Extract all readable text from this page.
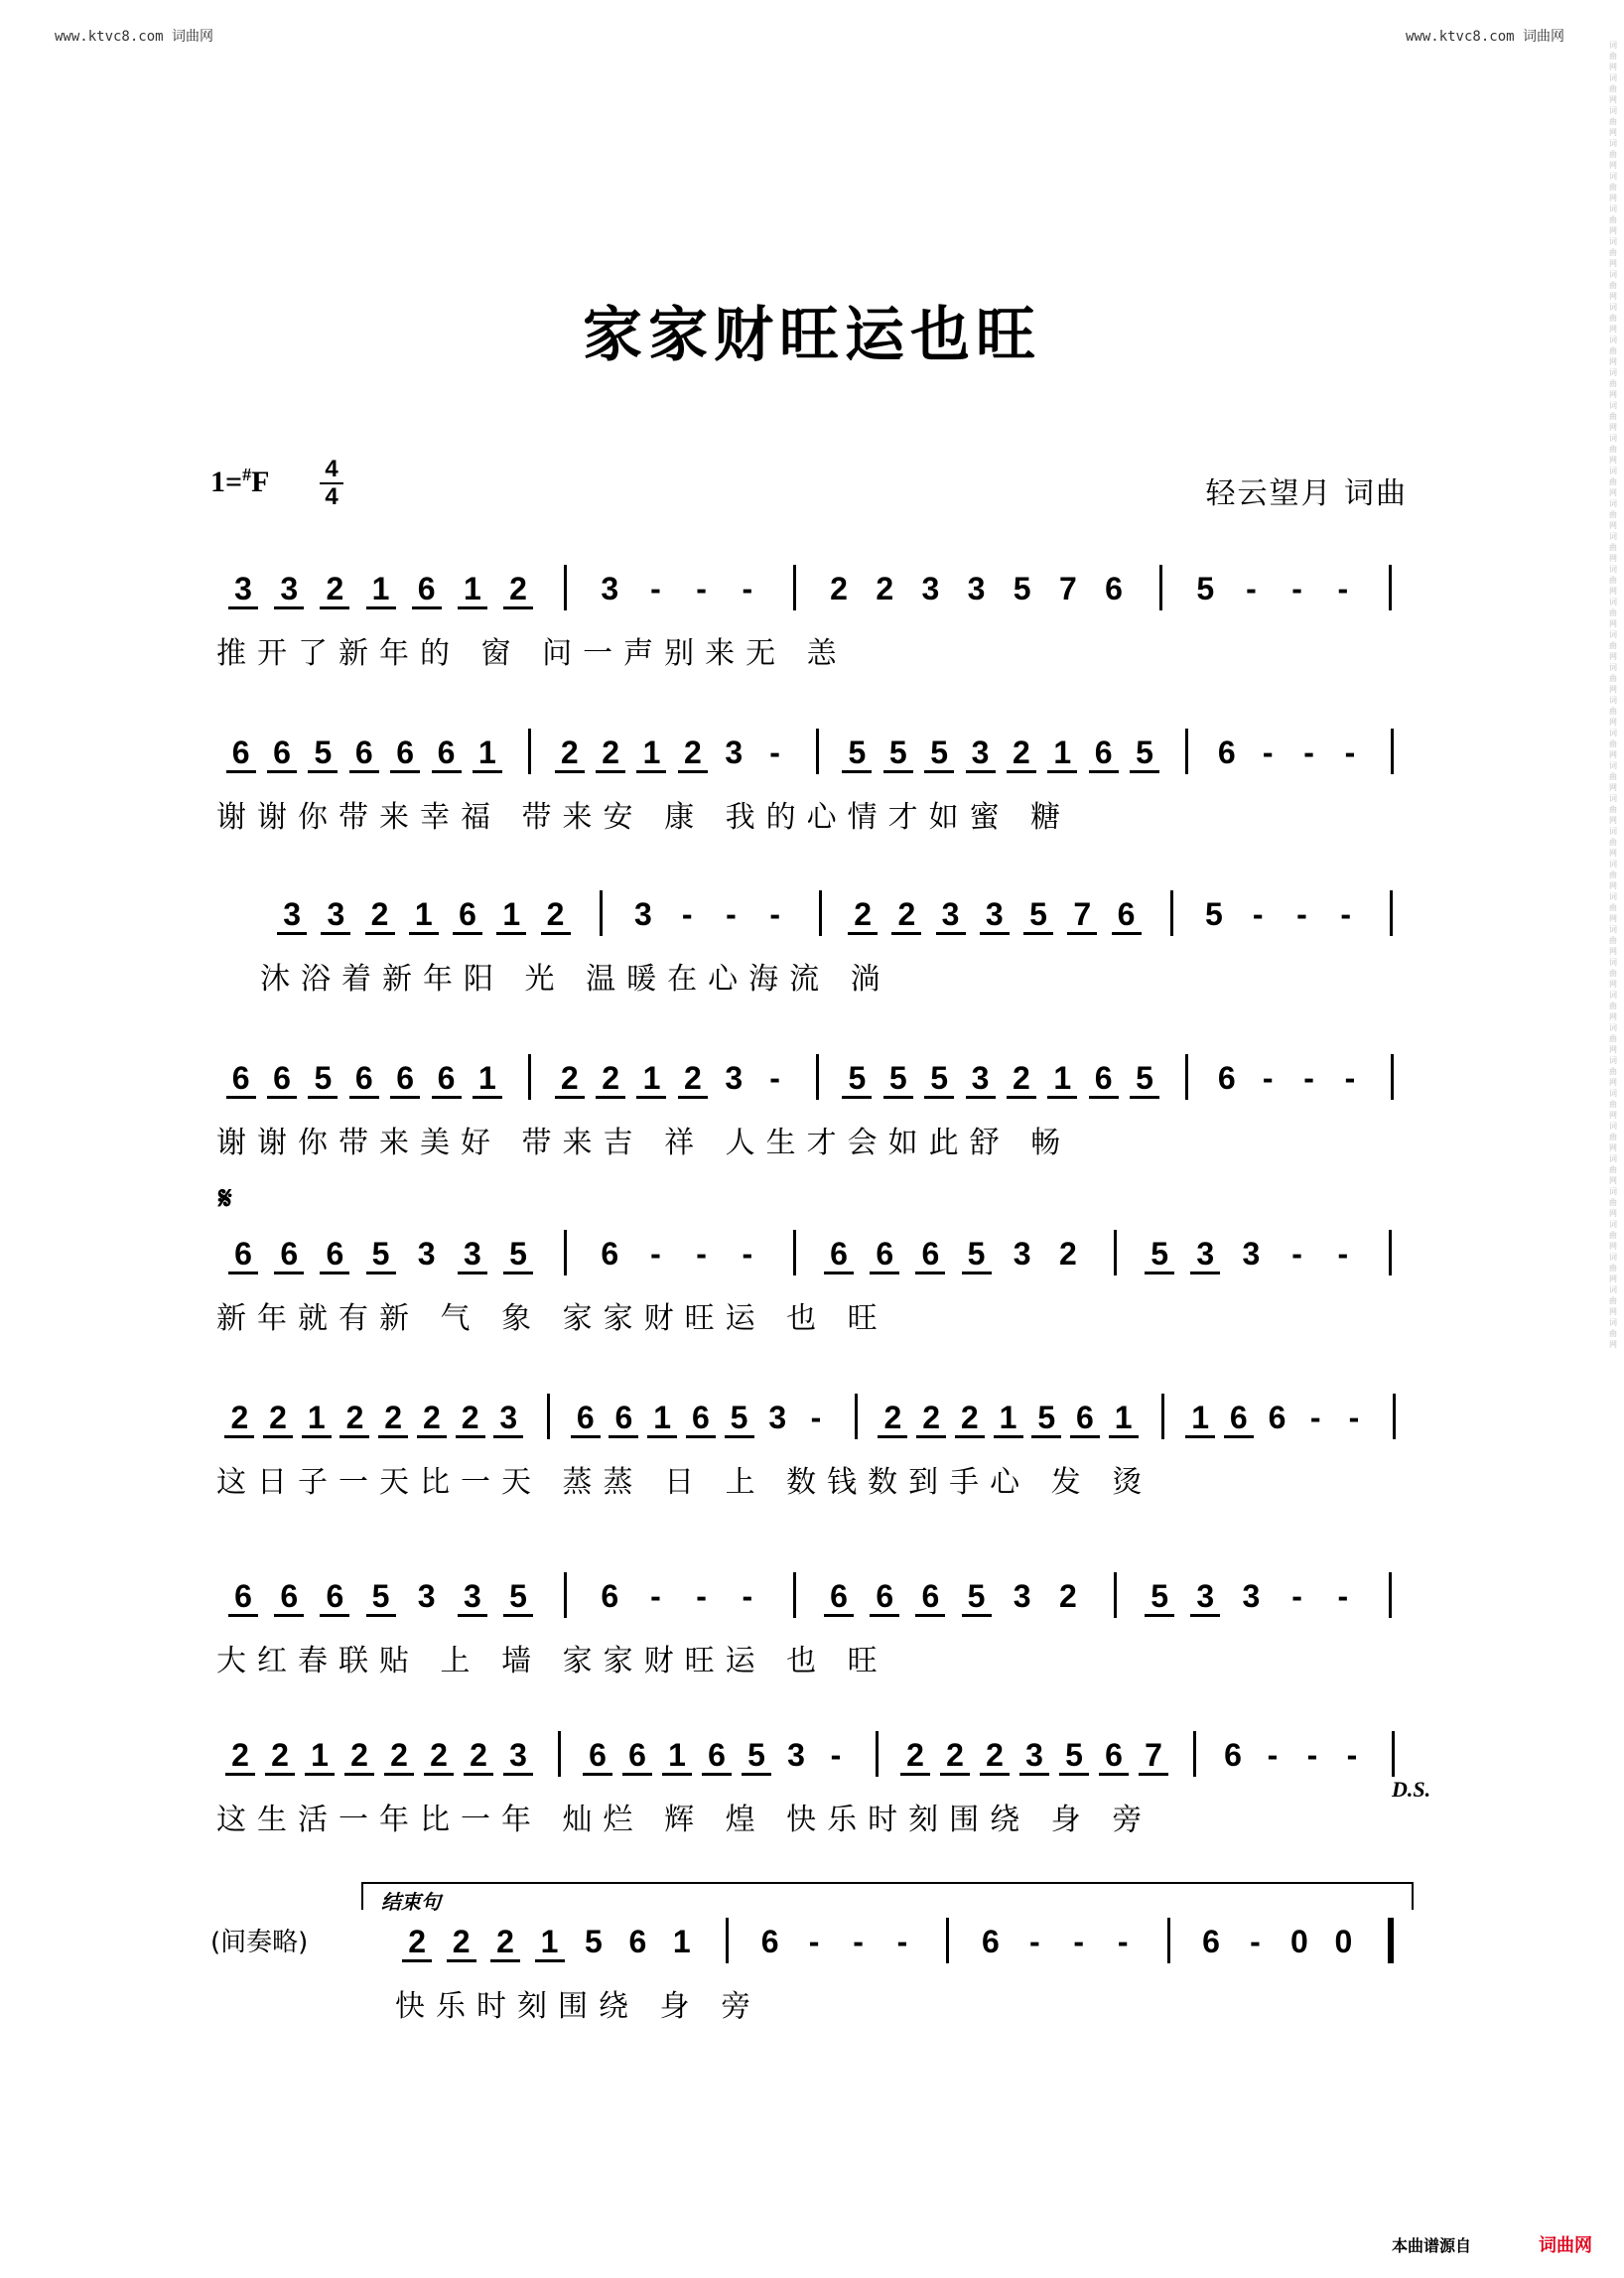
www.ktvc8.com 词曲网	www.ktvc8.com 词曲网
词曲网词曲网词曲网词曲网词曲网词曲网词曲网词曲网词曲网词曲网词曲网词曲网词曲网词曲网词曲网词曲网词曲网词曲网词曲网词曲网词曲网词曲网词曲网词曲网词曲网词曲网词曲网词曲网词曲网词曲网词曲网词曲网词曲网词曲网词曲网词曲网词曲网词曲网词曲网词曲网
家家财旺运也旺
$1=^{\#}F \frac{4}{4}$	轻云望月 词曲
3 3 2 1 6 1 2 3 -	-	-	2 2 3 3 5 7 6 5 -	-	-
推开了新年的 窗 问一声别来无 恙
6 6 5 6 6 6 1 2 2 1 2 3 -	5 5 5 3 2 1 6 5 6 - - -
谢谢你带来幸福 带来安 康 我的心情才如蜜 糖
3 3 2 1 6 1 2 3 -	-	-	2 2 3 3 5 7 6 5 -	-	-
沐浴着新年阳 光 温暖在心海流 淌
6 6 5 6 6 6 1 2 2 1 2 3 -	5 5 5 3 2 1 6 5 6 - - -
谢谢你带来美好 带来吉 祥 人生才会如此舒 畅
6 6 6 5 3 3 5 6 -	-	-	6 6 6 5 3 2 5 3 3 -	-
新年就有新 气 象 家家财旺运 也 旺
2 2 1 2 2 2 2 3 6 6 1 6 5 3 -	2 2 2 1 5 6 1 1 6 6 - -
这日子一天比一天 蒸蒸 日 上 数钱数到手心 发 烫
6 6 6 5 3 3 5 6 -	-	-	6 6 6 5 3 2 5 3 3 -	-
大红春联贴 上 墙 家家财旺运 也 旺
2 2 1 2 2 2 2 3 6 6 1 6 5 3 -	2 2 2 3 5 6 7 6 - - -
这生活一年比一年 灿烂 辉 煌 快乐时刻围绕 身 旁
2 2 2 1 5 6 1 6 -	-	-	6 -	-	-	6 - 0 0
快乐时刻围绕 身 旁
𝄋
D.S.
(间奏略)
结束句
本曲谱源自	词曲网
